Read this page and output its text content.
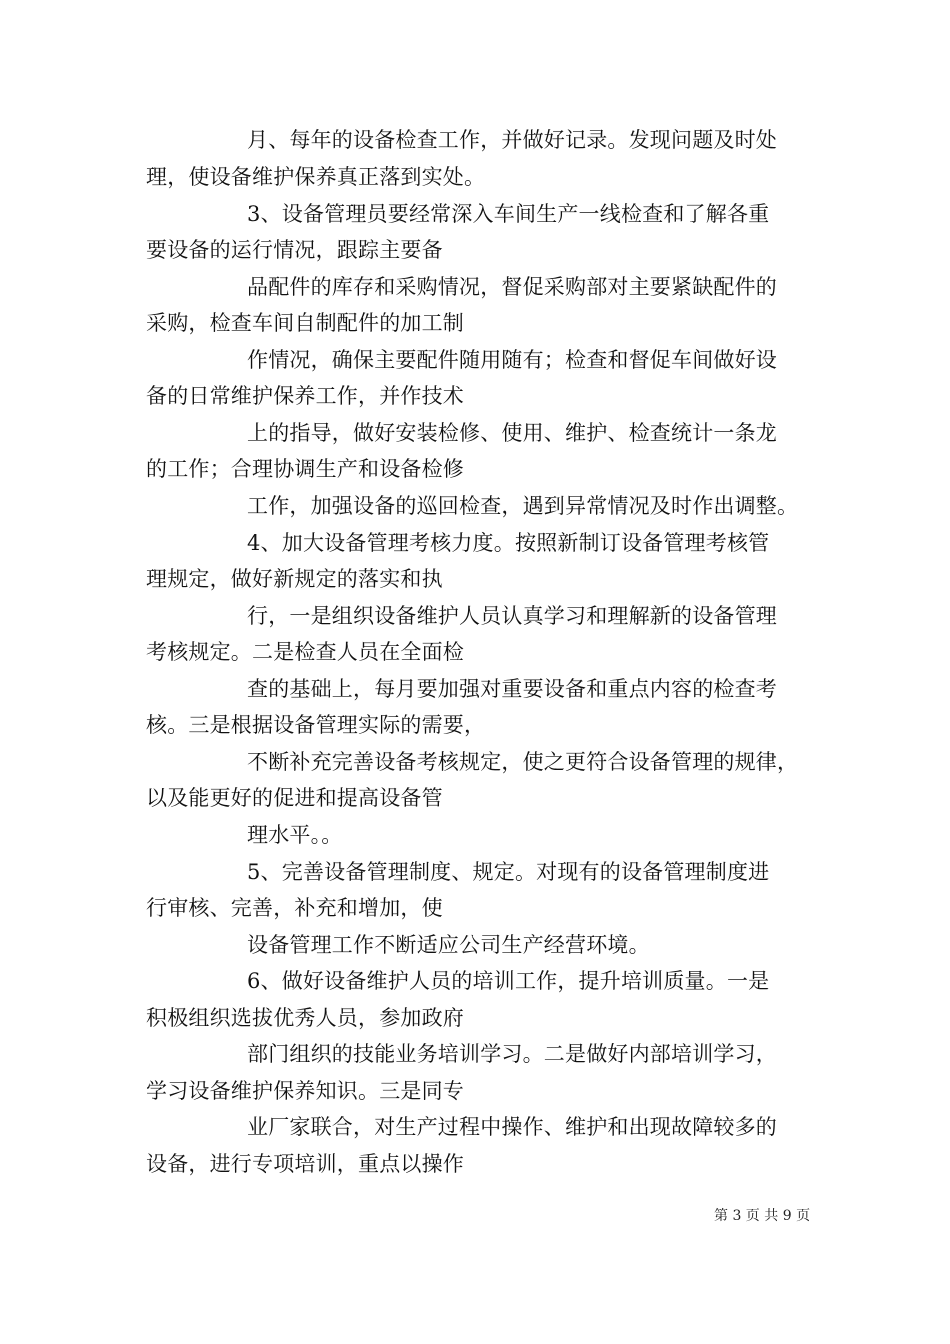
月、每年的设备检查工作，并做好记录。发现问题及时处

理，使设备维护保养真正落到实处。

3、设备管理员要经常深入车间生产一线检查和了解各重

要设备的运行情况，跟踪主要备

品配件的库存和采购情况，督促采购部对主要紧缺配件的

采购，检查车间自制配件的加工制

作情况，确保主要配件随用随有；检查和督促车间做好设

备的日常维护保养工作，并作技术

上的指导，做好安装检修、使用、维护、检查统计一条龙

的工作；合理协调生产和设备检修

工作，加强设备的巡回检查，遇到异常情况及时作出调整。

4、加大设备管理考核力度。按照新制订设备管理考核管

理规定，做好新规定的落实和执

行，一是组织设备维护人员认真学习和理解新的设备管理

考核规定。二是检查人员在全面检

查的基础上，每月要加强对重要设备和重点内容的检查考

核。三是根据设备管理实际的需要，

不断补充完善设备考核规定，使之更符合设备管理的规律，

以及能更好的促进和提高设备管

理水平。。

5、完善设备管理制度、规定。对现有的设备管理制度进

行审核、完善，补充和增加，使

设备管理工作不断适应公司生产经营环境。

6、做好设备维护人员的培训工作，提升培训质量。一是

积极组织选拔优秀人员，参加政府

部门组织的技能业务培训学习。二是做好内部培训学习，

学习设备维护保养知识。三是同专

业厂家联合，对生产过程中操作、维护和出现故障较多的

设备，进行专项培训，重点以操作

第 3 页 共 9 页
